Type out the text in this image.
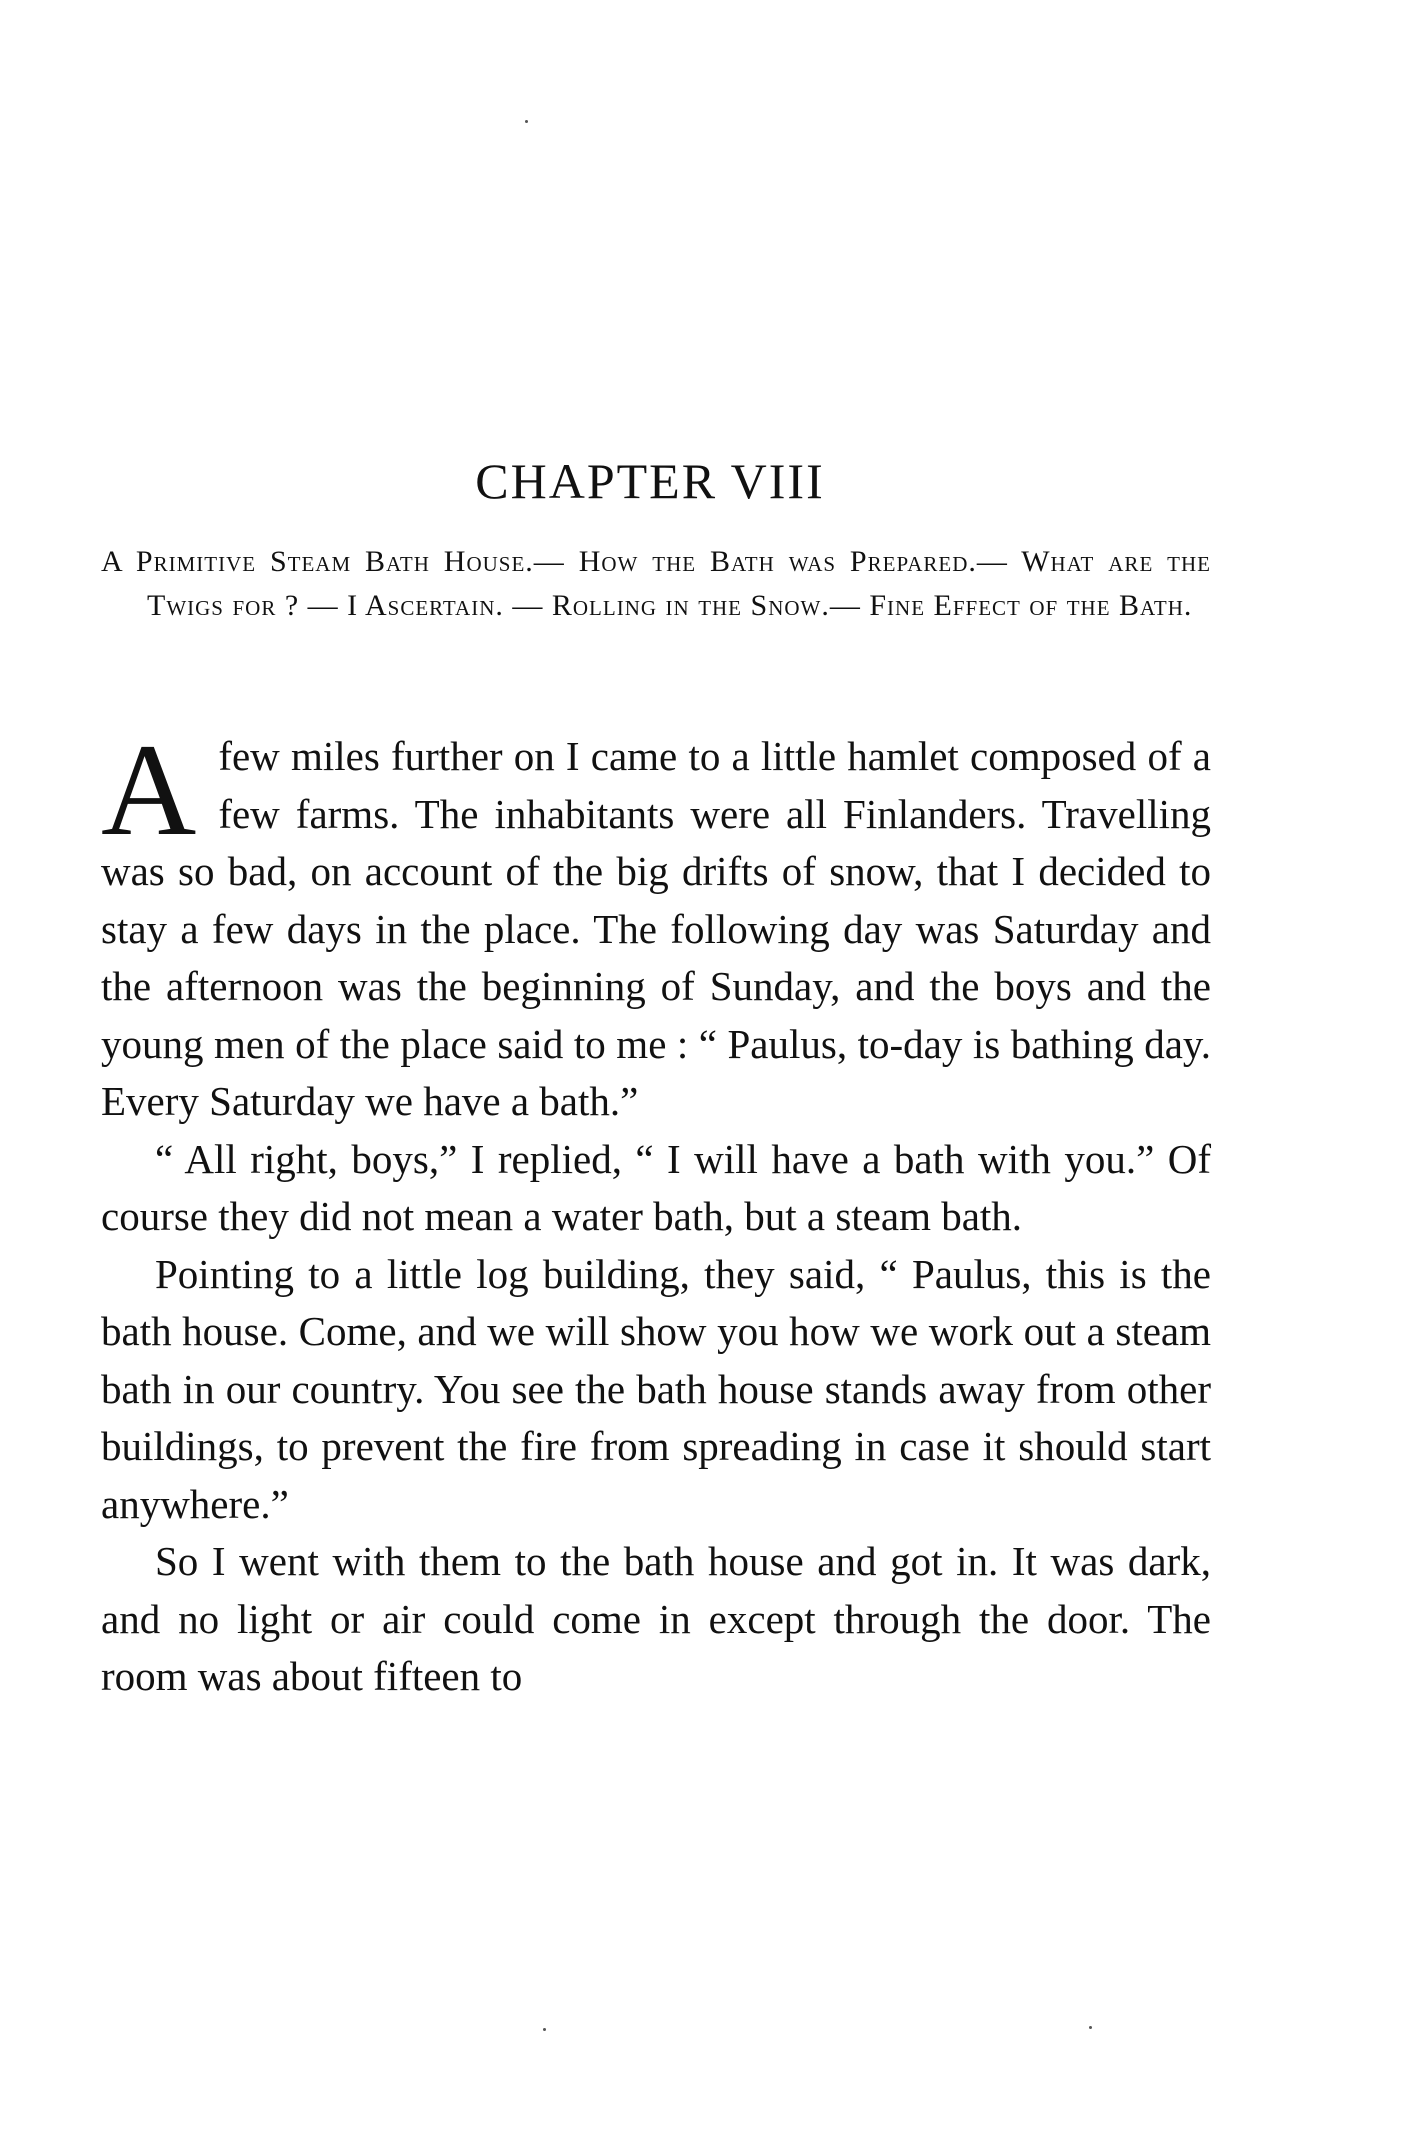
CHAPTER VIII

A Primitive Steam Bath House.— How the Bath was Prepared.— What are the Twigs for ? — I Ascertain. — Rolling in the Snow.— Fine Effect of the Bath.

A few miles further on I came to a little hamlet composed of a few farms. The inhabitants were all Finlanders. Travelling was so bad, on account of the big drifts of snow, that I decided to stay a few days in the place. The following day was Saturday and the afternoon was the beginning of Sunday, and the boys and the young men of the place said to me : “ Paulus, to-day is bathing day. Every Saturday we have a bath.”

“ All right, boys,” I replied, “ I will have a bath with you.” Of course they did not mean a water bath, but a steam bath.

Pointing to a little log building, they said, “ Paulus, this is the bath house. Come, and we will show you how we work out a steam bath in our country. You see the bath house stands away from other buildings, to prevent the fire from spreading in case it should start anywhere.”

So I went with them to the bath house and got in. It was dark, and no light or air could come in except through the door. The room was about fifteen to
